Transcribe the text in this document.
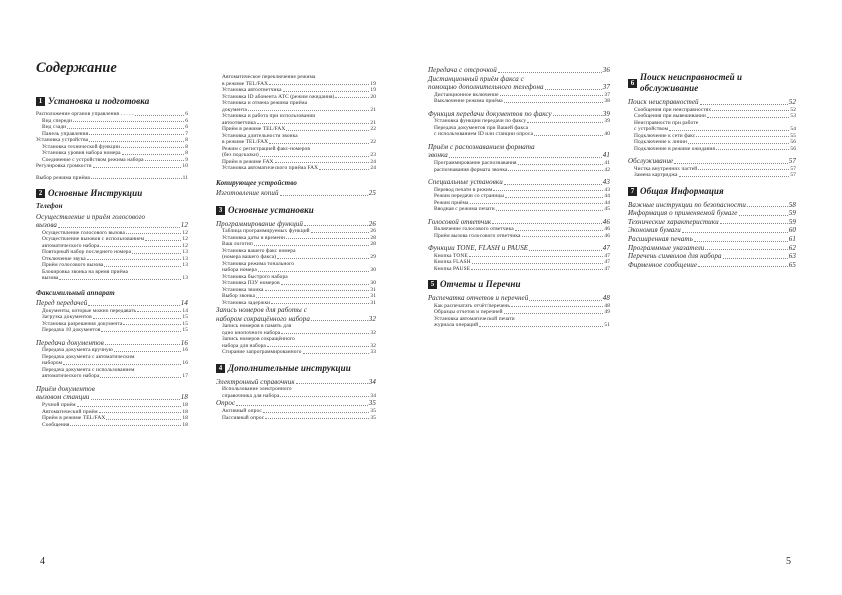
Содержание
1 Установка и подготовка
Расположение органов управления . . . . .	6
Вид спереди	6
Вид сзади	6
Панель управления	7
Установка устройства	8
Установка технической функции	8
Установка уровня набора номера	8
Соединение с устройством режима набора	9
Регулировка громкости	10
Выбор режима приёма	11
2 Основные Инструкции
Телефон
Осуществление и приём голосового
вызова	12
Осуществление голосового вызова	12
Осуществление вызовов с использованием	12
автоматического набора	12
Повторный набор последнего номера	13
Отключение звука	13
Приём голосового вызова	13
Блокировка звонка на время приёма
вызова	13
Факсимильный аппарат
Перед передачей	14
Документы, которые можно передавать	14
Загрузка документов	15
Установка разрешения документа	15
Передача 10 документов	15
Передача документов	16
Передача документа вручную	16
Передача документа с автоматическим
набором	16
Передача документа с использованием
автоматического набора	17
Приём документов
вызовом станции	18
Ручной приём	18
Автоматический приём	18
Приём в режиме TEL/FAX	18
Сообщения	18
Автоматическое переключение режима
в режиме TEL/FAX	19
Установка автоответчика	19
Установка ID абонента АТС (режим ожидания)	20
Установка и отмена режима приёма
документа	21
Установка и работа при использовании
автоответчика	21
Приём в режиме TEL/FAX	22
Установка длительности звонка
в режиме TEL/FAX	22
Режим с регистрацией факс-номеров
(без подсказки)	23
Приём в режиме FAX	24
Установка автоматического приёма FAX	24
Копирующее устройство
Изготовление копий	25
3 Основные установки
Программирование функций	26
Таблица программируемых функций	26
Установка даты и времени	28
Ваш логотип	28
Установка вашего факс номера
(номера вашего факса)	29
Установка режима тонального
набора номера	30
Установка быстрого набора
Установка ПЗУ номеров	30
Установка звонка	31
Выбор звонка	31
Установка задержки	31
Запись номеров для работы с
набором сокращённого набора	32
Запись номеров в память для
одно кнопочного набора	32
Запись номеров сокращённого
набора для набора	32
Стирание запрограммированного	33
4 Дополнительные инструкции
Электронный справочник	34
Использование электронного
справочника для набора	34
Опрос	35
Активный опрос	35
Пассивный опрос	35
Передача с отсрочкой	36
Дистанционный приём факса с
помощью дополнительного телефона	37
Дистанционное включение	37
Выключение режима приёма	38
Функция передачи документов по факсу	39
Установка функции передачи по факсу	39
Передача документов при Вашей факса
с использованием ID или станции опроса	40
Приём с распознаванием формата
звонка	41
Программирование распознавания	41
распознавания формата звонка	42
Специальные установки	43
Перевод печати в режим	43
Режим передачи со страницы	44
Режим приёма	44
Вводная с режима печати	45
Голосовой ответчик	46
Включение голосового ответчика	46
Приём вызова голосового ответчика	46
Функции TONE, FLASH и PAUSE	47
Кнопка TONE	47
Кнопка FLASH	47
Кнопка PAUSE	47
5 Отчеты и Перечни
Распечатка отчетов и перечней	48
Как распечатать отчёт/перечень	48
Образцы отчетов и перечней	49
Установка автоматической печати
журнала операций	51
6
Поиск неисправностей и обслуживание
Поиск неисправностей	52
Сообщения при неисправностях	52
Сообщения при вывешивании	53
Неисправности при работе
с устройством	54
Подключение к сети факс	55
Подключение к линии	56
Подключение в режиме ожидания	56
Обслуживание	57
Чистка внутренних частей	57
Замена картриджа	57
7 Общая Информация
Важные инструкции по безопасности	58
Информация о применяемой бумаге	59
Технические характеристики	59
Экономия бумаги	60
Расширенная печать	61
Программные указатели	62
Перечень символов для набора	63
Фирменное сообщение	65
4	5
